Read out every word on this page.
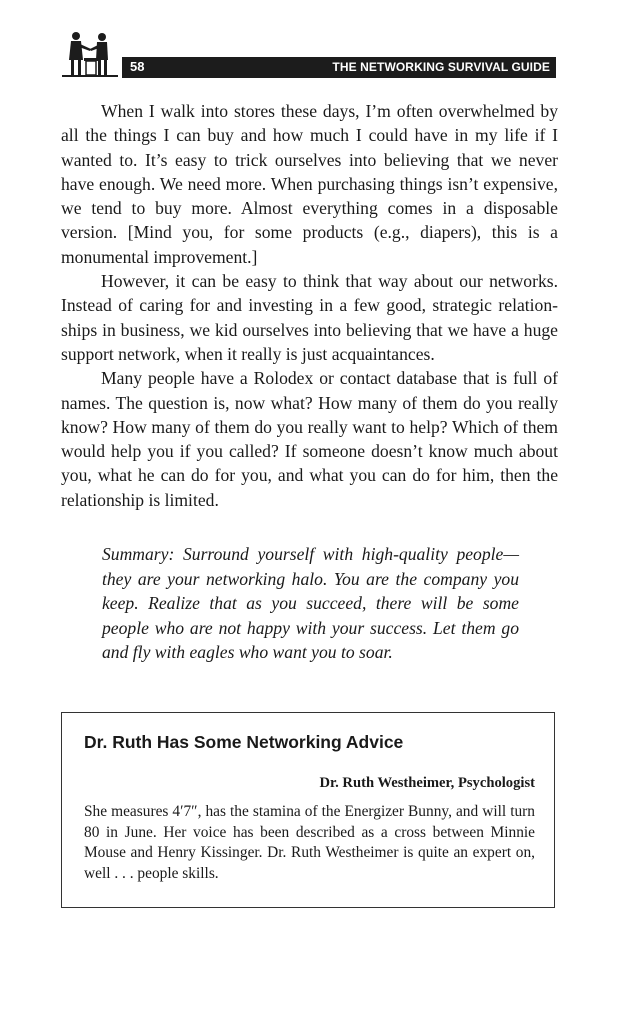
58	THE NETWORKING SURVIVAL GUIDE

When I walk into stores these days, I’m often overwhelmed by all the things I can buy and how much I could have in my life if I wanted to. It’s easy to trick ourselves into believing that we never have enough. We need more. When purchasing things isn’t expensive, we tend to buy more. Almost everything comes in a disposable version. [Mind you, for some products (e.g., diapers), this is a monumental improvement.]

However, it can be easy to think that way about our networks. Instead of caring for and investing in a few good, strategic relationships in business, we kid ourselves into believing that we have a huge support network, when it really is just acquaintances.

Many people have a Rolodex or contact database that is full of names. The question is, now what? How many of them do you really know? How many of them do you really want to help? Which of them would help you if you called? If someone doesn’t know much about you, what he can do for you, and what you can do for him, then the relationship is limited.

Summary: Surround yourself with high-quality people—they are your networking halo. You are the company you keep. Realize that as you succeed, there will be some people who are not happy with your success. Let them go and fly with eagles who want you to soar.
Dr. Ruth Has Some Networking Advice
Dr. Ruth Westheimer, Psychologist

She measures 4′7″, has the stamina of the Energizer Bunny, and will turn 80 in June. Her voice has been described as a cross between Minnie Mouse and Henry Kissinger. Dr. Ruth Westheimer is quite an expert on, well . . . people skills.
